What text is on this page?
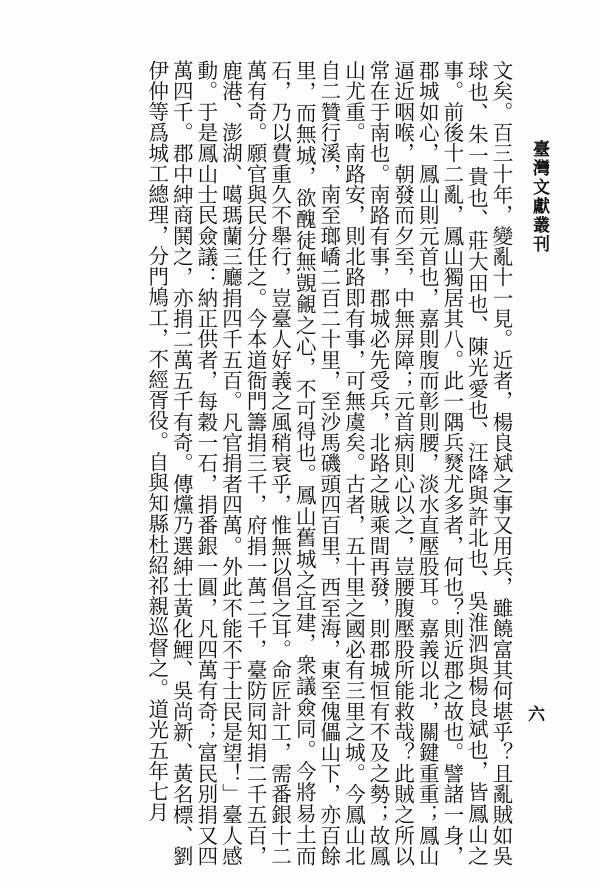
臺灣文獻叢刊
六
文矣。百三十年，變亂十一見。近者，楊良斌之事又用兵，雖饒富其何堪乎？且亂賊如吳球也、朱一貴也、莊大田也、陳光愛也、汪降與許北也、吳淮泗與楊良斌也，皆鳳山之事。前後十二亂，鳳山獨居其八。此一隅兵燹尤多者，何也？則近郡之故也。譬諸一身，郡城如心，鳳山則元首也，嘉則腹而彰則腰，淡水直壓股耳。嘉義以北，關鍵重重；鳳山逼近咽喉，朝發而夕至，中無屏障；元首病則心以之，豈腰腹壓股所能救哉？此賊之所以常在于南也。南路有事，郡城必先受兵，北路之賊乘間再發，則郡城恒有不及之勢；故鳳山尤重。南路安，則北路即有事，可無虞矣。古者，五十里之國必有三里之城。今鳳山北自二贊行溪，南至瑯嶠二百二十里，至沙馬磯頭四百里，西至海，東至傀儡山下，亦百餘里，而無城，欲醜徒無覬覦之心，不可得也。鳳山舊城之宜建，衆議僉同。今將易土而石，乃以費重久不舉行，豈臺人好義之風稍衰乎，惟無以倡之耳。命匠計工，需番銀十二萬有奇。願官與民分任之。今本道衙門籌捐三千，府捐一萬二千，臺防同知捐二千五百，鹿港、澎湖、噶瑪蘭三廳捐四千五百。凡官捐者四萬。外此不能不于士民是望！」臺人感動。于是鳳山士民僉議：納正供者，每穀一石，捐番銀一圓，凡四萬有奇；富民別捐又四萬四千。郡中紳商鬨之，亦捐二萬五千有奇。傳爣乃選紳士黃化鯉、吳尚新、黃名標、劉伊仲等爲城工總理，分門鳩工，不經胥役。自與知縣杜紹祁親巡督之。道光五年七月
